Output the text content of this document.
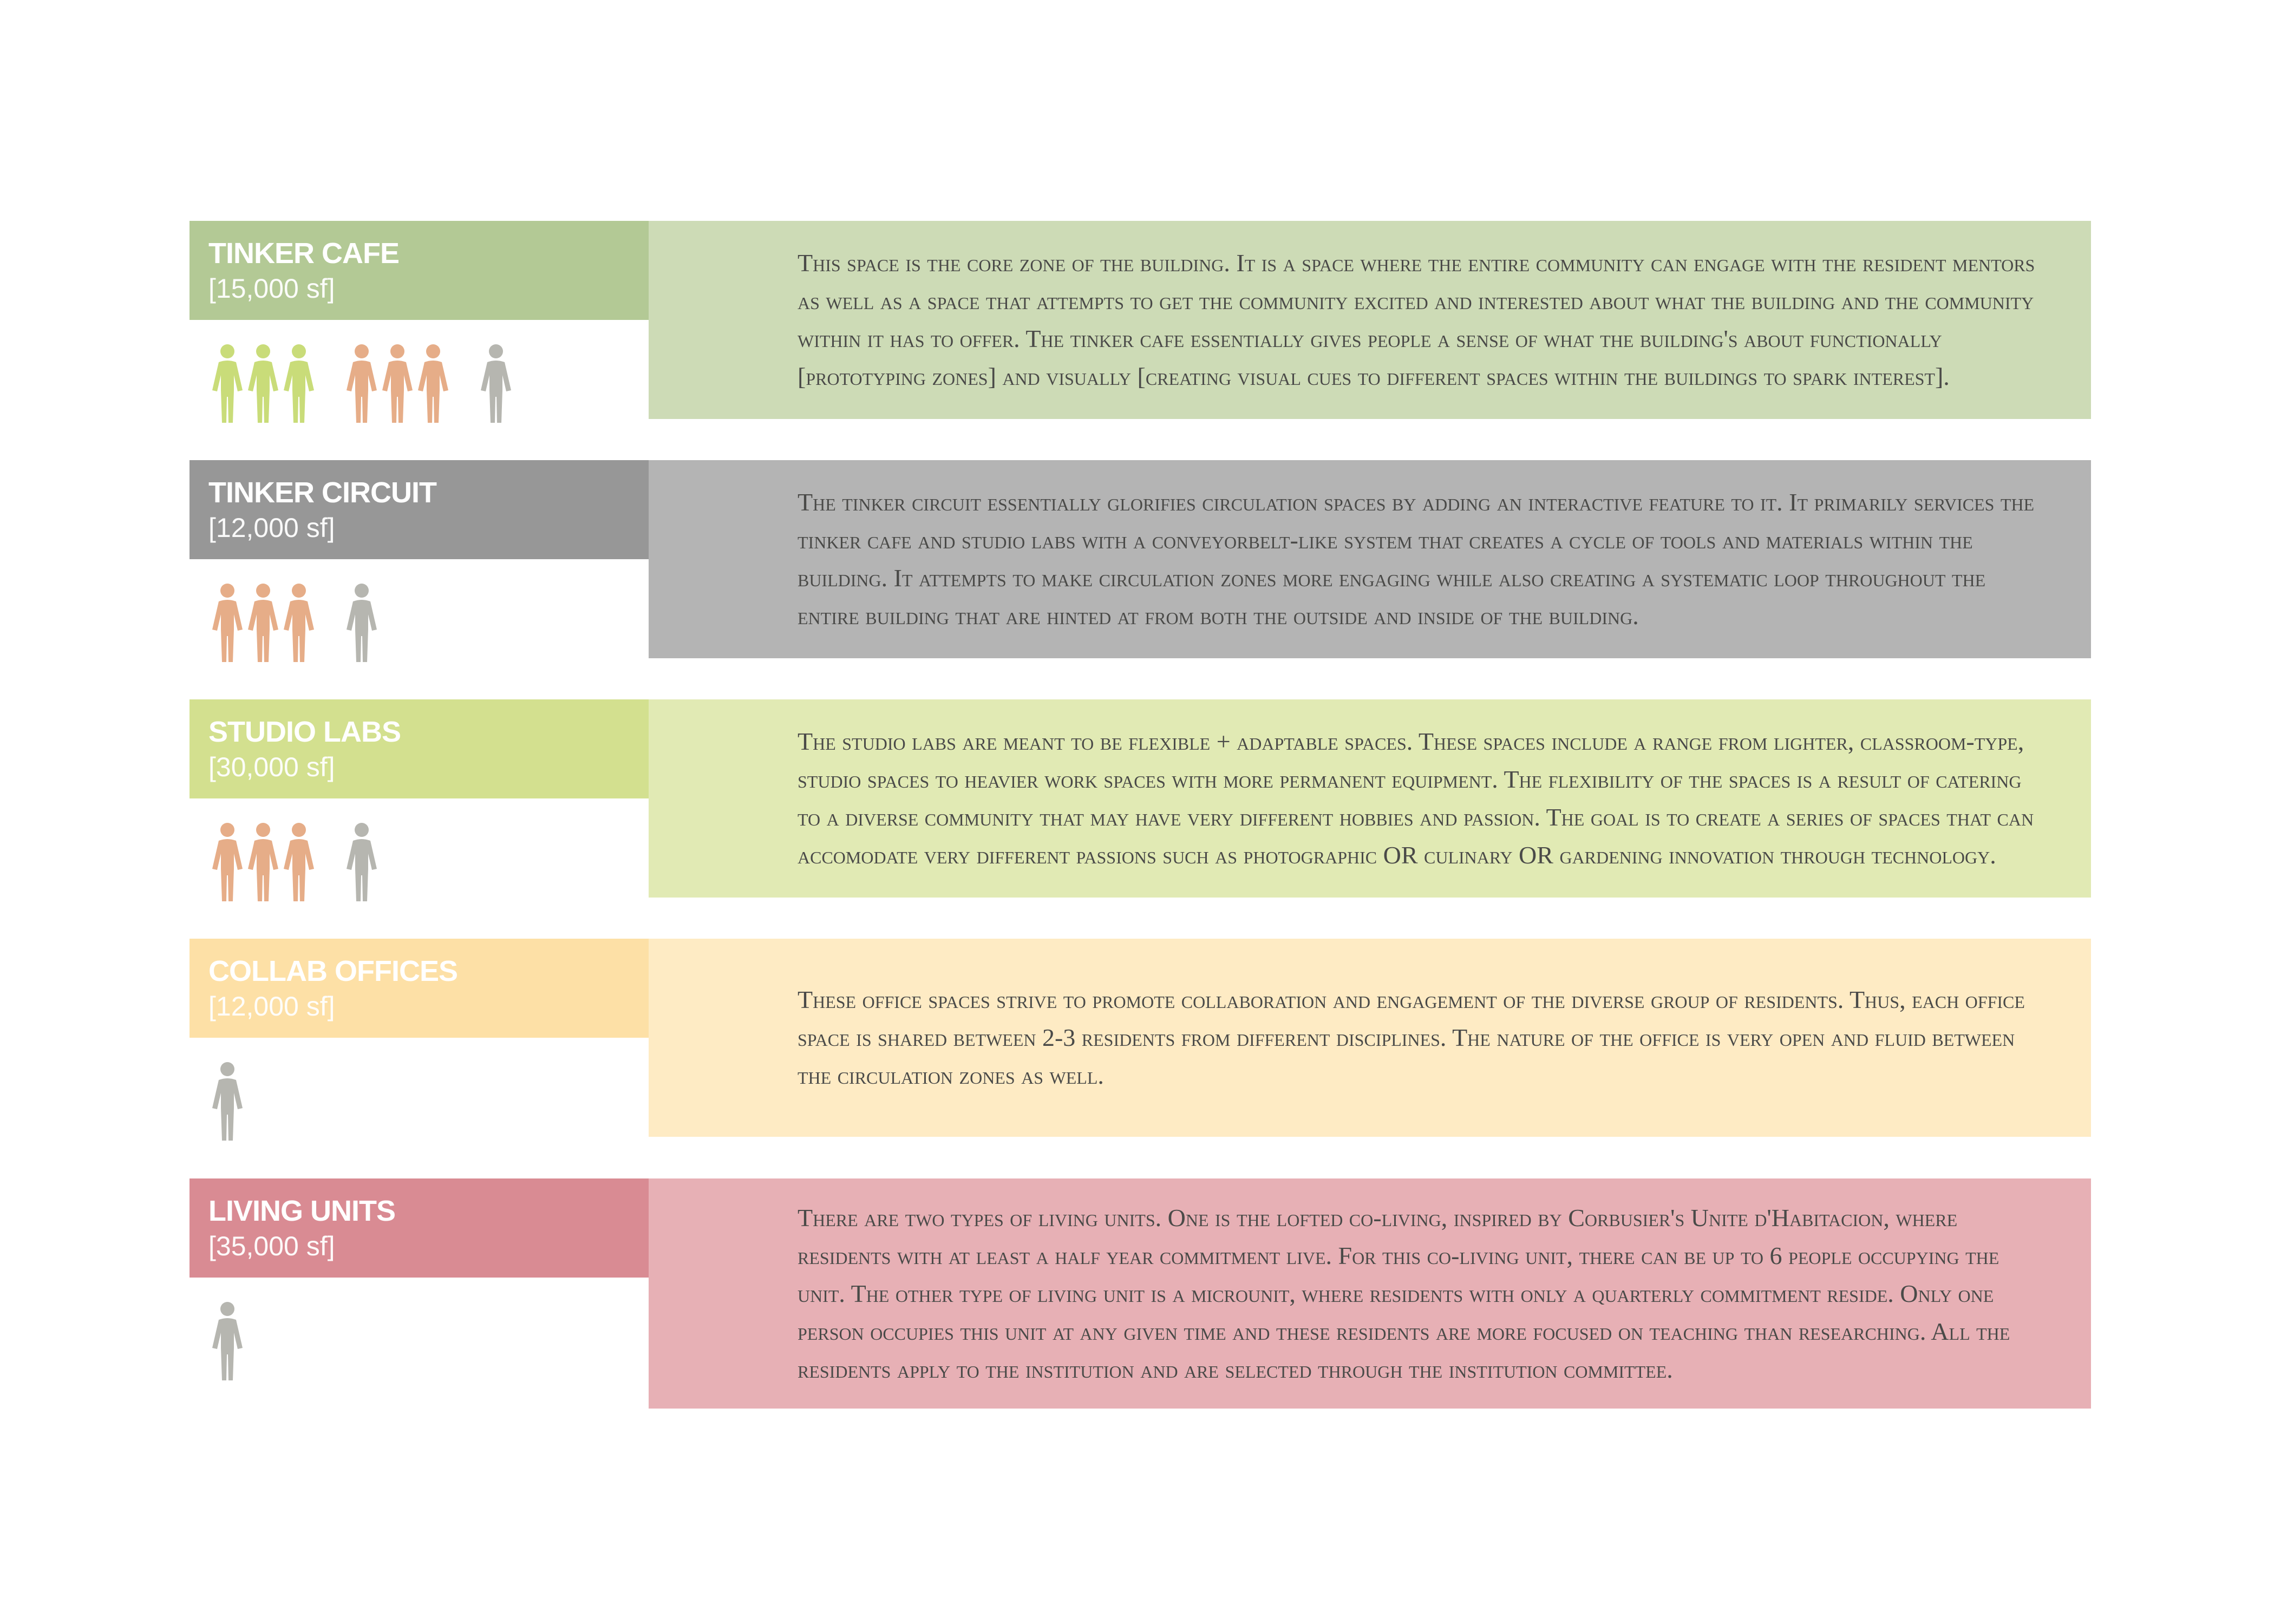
TINKER CAFE
[15,000 sf]

This space is the core zone of the building. It is a space where the entire community can engage with the resident mentors as well as a space that attempts to get the community excited and interested about what the building and the community within it has to offer. The tinker cafe essentially gives people a sense of what the building's about functionally [prototyping zones] and visually [creating visual cues to different spaces within the buildings to spark interest].

TINKER CIRCUIT
[12,000 sf]

The tinker circuit essentially glorifies circulation spaces by adding an interactive feature to it. It primarily services the tinker cafe and studio labs with a conveyorbelt-like system that creates a cycle of tools and materials within the building. It attempts to make circulation zones more engaging while also creating a systematic loop throughout the entire building that are hinted at from both the outside and inside of the building.

STUDIO LABS
[30,000 sf]

The studio labs are meant to be flexible + adaptable spaces. These spaces include a range from lighter, classroom-type, studio spaces to heavier work spaces with more permanent equipment. The flexibility of the spaces is a result of catering to a diverse community that may have very different hobbies and passion. The goal is to create a series of spaces that can accomodate very different passions such as photographic OR culinary OR gardening innovation through technology.

COLLAB OFFICES
[12,000 sf]	These office spaces strive to promote collaboration and engagement of the diverse group of residents. Thus, each office space is shared between 2-3 residents from different disciplines. The nature of the office is very open and fluid between the circulation zones as well.

LIVING UNITS
[35,000 sf]

There are two types of living units. One is the lofted co-living, inspired by Corbusier's Unite d'Habitacion, where residents with at least a half year commitment live. For this co-living unit, there can be up to 6 people occupying the unit. The other type of living unit is a microunit, where residents with only a quarterly commitment reside. Only one person occupies this unit at any given time and these residents are more focused on teaching than researching. All the residents apply to the institution and are selected through the institution committee.
